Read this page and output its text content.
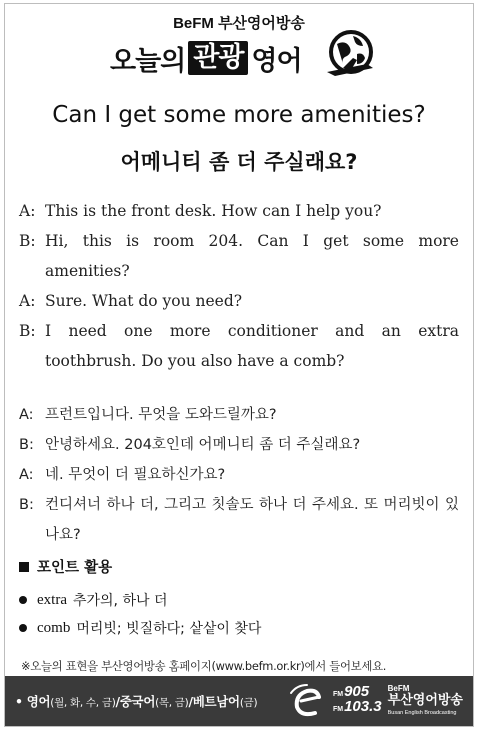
BeFM 부산영어방송
오늘의 관광 영어
Can I get some more amenities?
어메니티 좀 더 주실래요?
A: This is the front desk. How can I help you?
B: Hi, this is room 204. Can I get some more amenities?
A: Sure. What do you need?
B: I need one more conditioner and an extra toothbrush. Do you also have a comb?
A: 프런트입니다. 무엇을 도와드릴까요?
B: 안녕하세요. 204호인데 어메니티 좀 더 주실래요?
A: 네. 무엇이 더 필요하신가요?
B: 컨디셔너 하나 더, 그리고 칫솔도 하나 더 주세요. 또 머리빗이 있나요?
포인트 활용
extra 추가의, 하나 더
comb 머리빗; 빗질하다; 샅샅이 찾다
※오늘의 표현을 부산영어방송 홈페이지(www.befm.or.kr)에서 들어보세요.
• 영어(월, 화, 수, 금)/중국어(목, 금)/베트남어(금)
FM905
FM103.3
BeFM
부산영어방송
Busan English Broadcasting
